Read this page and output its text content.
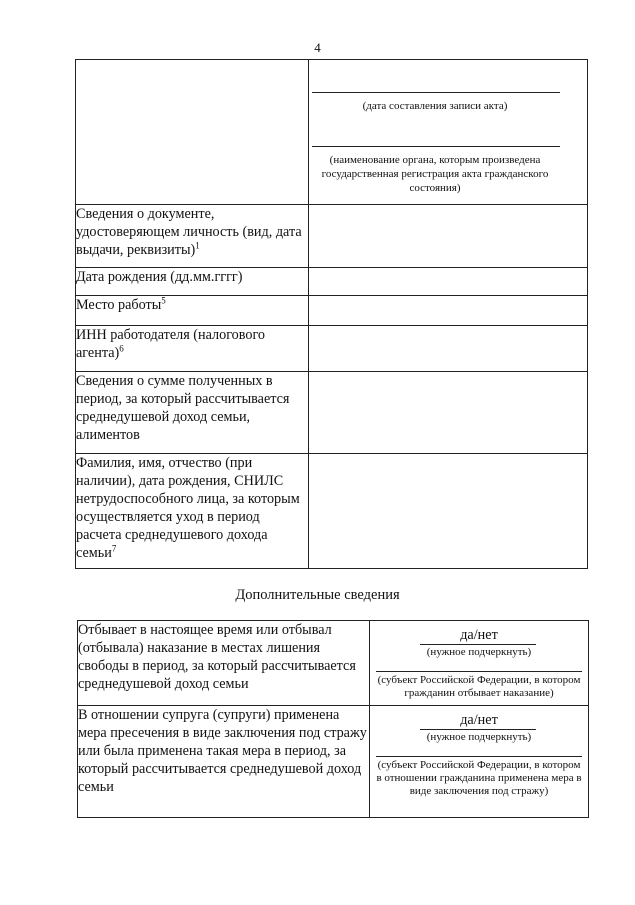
4

	(дата составления записи акта)
(наименование органа, которым произведена государственная регистрация акта гражданского состояния)

Сведения о документе, удостоверяющем личность (вид, дата выдачи, реквизиты)$^1$	
Дата рождения (дд.мм.гггг)	
Место работы$^5$	
ИНН работодателя (налогового агента)$^6$	
Сведения о сумме полученных в период, за который рассчитывается среднедушевой доход семьи, алиментов	
Фамилия, имя, отчество (при наличии), дата рождения, СНИЛС нетрудоспособного лица, за которым осуществляется уход в период расчета среднедушевого дохода семьи$^7$	
Дополнительные сведения
Отбывает в настоящее время или отбывал (отбывала) наказание в местах лишения свободы в период, за который рассчитывается среднедушевой доход семьи	да/нет
(нужное подчеркнуть)
(субъект Российской Федерации, в котором гражданин отбывает наказание)

В отношении супруга (супруги) применена мера пресечения в виде заключения под стражу или была применена такая мера в период, за который рассчитывается среднедушевой доход семьи	да/нет
(нужное подчеркнуть)
(субъект Российской Федерации, в котором в отношении гражданина применена мера в виде заключения под стражу)
